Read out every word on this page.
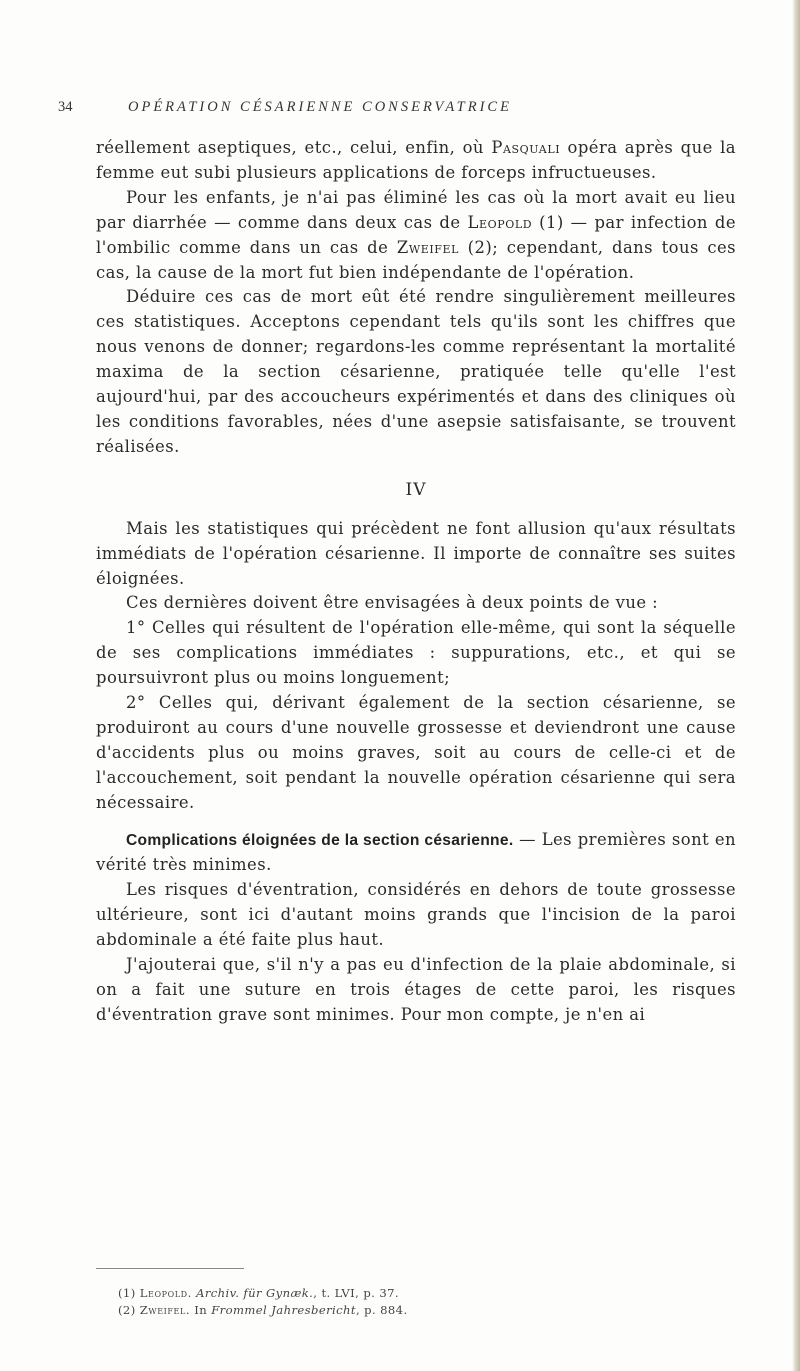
34	OPÉRATION CÉSARIENNE CONSERVATRICE

réellement aseptiques, etc., celui, enfin, où Pasquali opéra après que la femme eut subi plusieurs applications de forceps infructueuses.

Pour les enfants, je n'ai pas éliminé les cas où la mort avait eu lieu par diarrhée — comme dans deux cas de Leopold (1) — par infection de l'ombilic comme dans un cas de Zweifel (2); cependant, dans tous ces cas, la cause de la mort fut bien indépendante de l'opération.

Déduire ces cas de mort eût été rendre singulièrement meilleures ces statistiques. Acceptons cependant tels qu'ils sont les chiffres que nous venons de donner; regardons-les comme représentant la mortalité maxima de la section césarienne, pratiquée telle qu'elle l'est aujourd'hui, par des accoucheurs expérimentés et dans des cliniques où les conditions favorables, nées d'une asepsie satisfaisante, se trouvent réalisées.

IV

Mais les statistiques qui précèdent ne font allusion qu'aux résultats immédiats de l'opération césarienne. Il importe de connaître ses suites éloignées.

Ces dernières doivent être envisagées à deux points de vue :

1° Celles qui résultent de l'opération elle-même, qui sont la séquelle de ses complications immédiates : suppurations, etc., et qui se poursuivront plus ou moins longuement;

2° Celles qui, dérivant également de la section césarienne, se produiront au cours d'une nouvelle grossesse et deviendront une cause d'accidents plus ou moins graves, soit au cours de celle-ci et de l'accouchement, soit pendant la nouvelle opération césarienne qui sera nécessaire.

Complications éloignées de la section césarienne. — Les premières sont en vérité très minimes.

Les risques d'éventration, considérés en dehors de toute grossesse ultérieure, sont ici d'autant moins grands que l'incision de la paroi abdominale a été faite plus haut.

J'ajouterai que, s'il n'y a pas eu d'infection de la plaie abdominale, si on a fait une suture en trois étages de cette paroi, les risques d'éventration grave sont minimes. Pour mon compte, je n'en ai

(1) Leopold. Archiv. für Gynæk., t. LVI, p. 37.
(2) Zweifel. In Frommel Jahresbericht, p. 884.
